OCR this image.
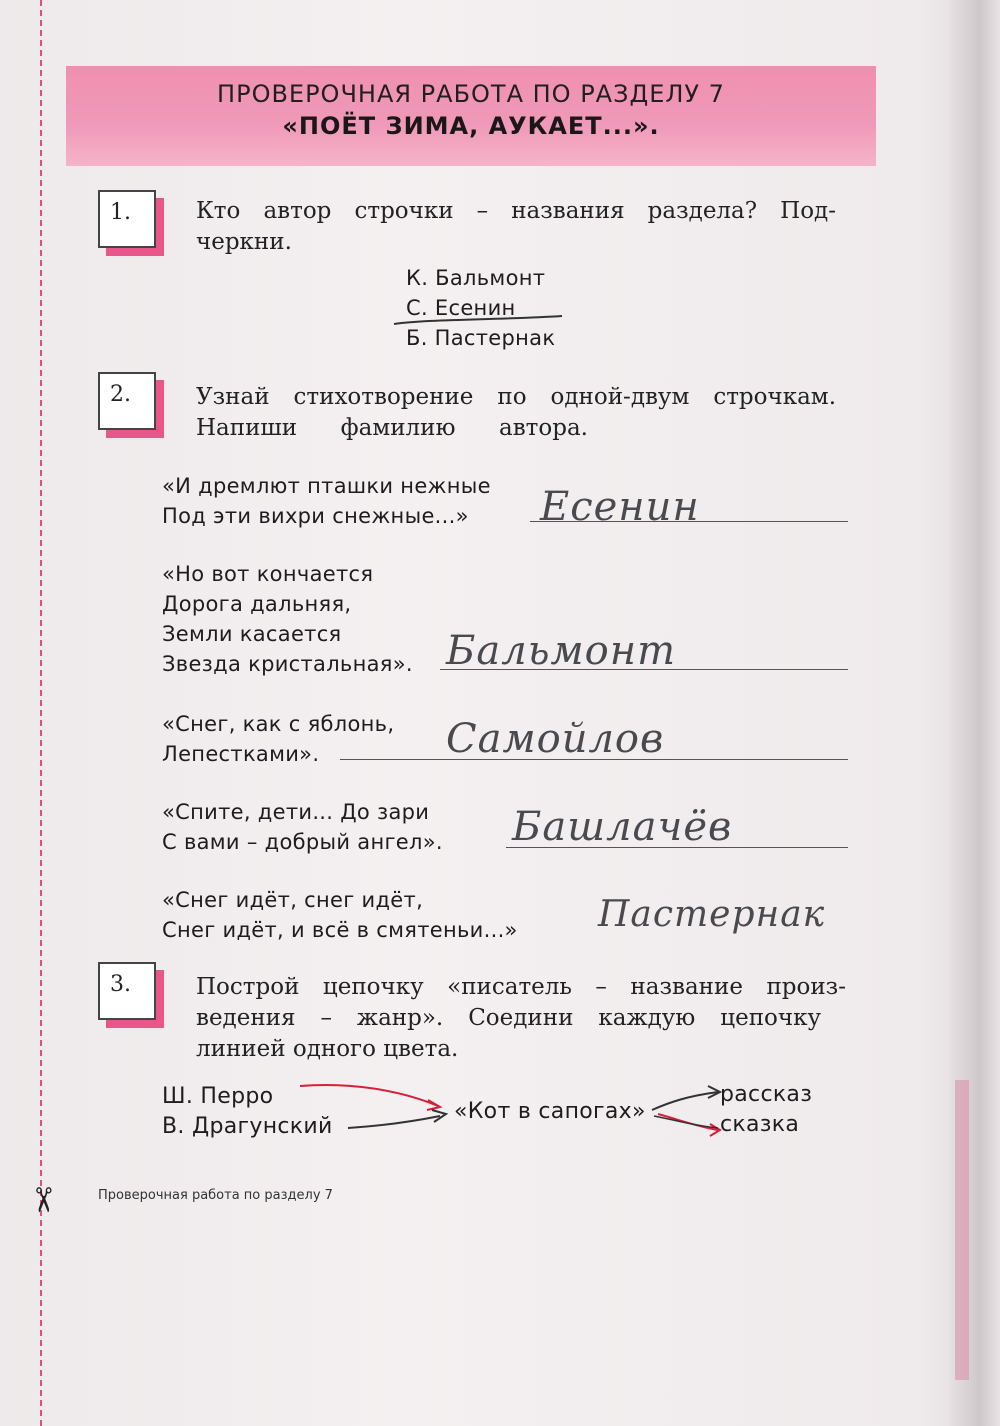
✂
ПРОВЕРОЧНАЯ РАБОТА ПО РАЗДЕЛУ 7
«ПОЁТ ЗИМА, АУКАЕТ...».
1.	Кто автор строчки – названия раздела? Под-
черкни.
К. Бальмонт
С. Есенин
Б. Пастернак
2.	Узнай стихотворение по одной-двум строчкам.
Напиши фамилию автора.
«И дремлют пташки нежные
Под эти вихри снежные...» Есенин
«Но вот кончается
Дорога дальняя,
Земли касается
Звезда кристальная». Бальмонт
«Снег, как с яблонь,
Лепестками».	Самойлов
«Спите, дети... До зари
С вами – добрый ангел». Башлачёв
«Снег идёт, снег идёт,
Снег идёт, и всё в смятеньи...» Пастернак
3.	Построй цепочку «писатель – название произ-
ведения – жанр». Соедини каждую цепочку
линией одного цвета.
Ш. Перро
В. Драгунский
«Кот в сапогах»
рассказ
сказка
Проверочная работа по разделу 7
